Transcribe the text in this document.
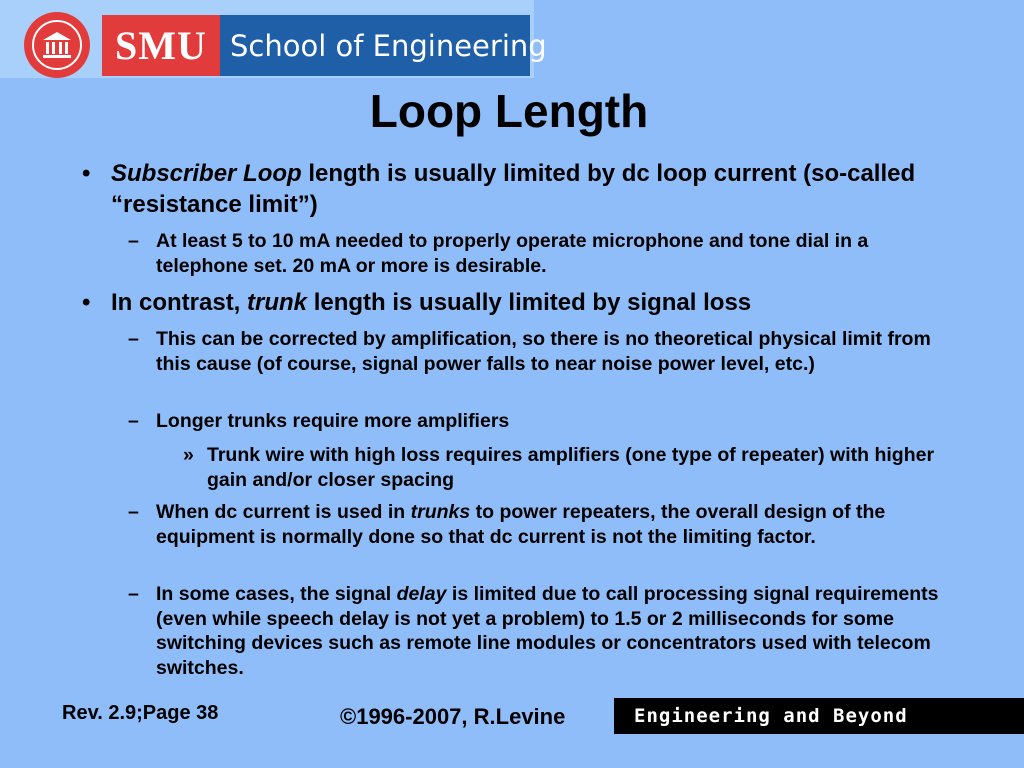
SMU School of Engineering
Loop Length
• Subscriber Loop length is usually limited by dc loop current (so-called “resistance limit”)
– At least 5 to 10 mA needed to properly operate microphone and tone dial in a telephone set. 20 mA or more is desirable.
• In contrast, trunk length is usually limited by signal loss
– This can be corrected by amplification, so there is no theoretical physical limit from this cause (of course, signal power falls to near noise power level, etc.)
– Longer trunks require more amplifiers
» Trunk wire with high loss requires amplifiers (one type of repeater) with higher gain and/or closer spacing
– When dc current is used in trunks to power repeaters, the overall design of the equipment is normally done so that dc current is not the limiting factor.
– In some cases, the signal delay is limited due to call processing signal requirements (even while speech delay is not yet a problem) to 1.5 or 2 milliseconds for some switching devices such as remote line modules or concentrators used with telecom switches.
Rev. 2.9;Page 38	©1996-2007, R.Levine	Engineering and Beyond
